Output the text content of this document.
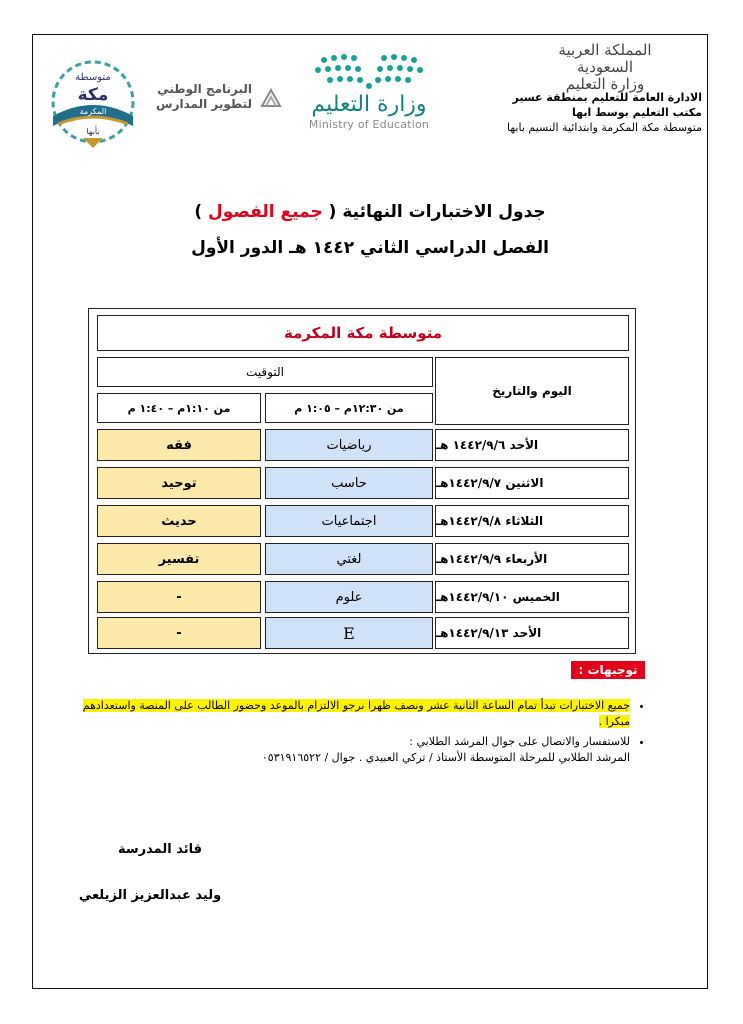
المملكة العربية السعودية
وزارة التعليم
الادارة العامة للتعليم بمنطقة عسير
مكتب التعليم بوسط ابها
متوسطة مكة المكرمة وابتدائية النسيم بابها
وزارة التعليم
Ministry of Education
البرنامج الوطني
لتطوير المدارس
متوسطة
مكة
المكرمة
بأبها
جدول الاختبارات النهائية ( جميع الفصول )
الفصل الدراسي الثاني ١٤٤٢ هـ الدور الأول
متوسطة مكة المكرمة
اليوم والتاريخ
التوقيت
من ١٢:٣٠م – ١:٠٥ م
من ١:١٠م – ١:٤٠ م
الأحد ١٤٤٢/٩/٦ هـ
رياضيات
فقه
الاثنين ١٤٤٢/٩/٧هـ
حاسب
توحيد
الثلاثاء ١٤٤٢/٩/٨هـ
اجتماعيات
حديث
الأربعاء ١٤٤٢/٩/٩هـ
لغتي
تفسير
الخميس ١٤٤٢/٩/١٠هـ
علوم
-
الأحد ١٤٤٢/٩/١٣هـ
E
-
توجيهات :
• جميع الاختبارات تبدأ تمام الساعة الثانية عشر ونصف ظهرا نرجو الالتزام بالموعد وحضور الطالب على المنصة واستعدادهم مبكرا .
• للاستفسار والاتصال على جوال المرشد الطلابي :
المرشد الطلابي للمرحلة المتوسطة الأستاذ / تركي العبيدي . جوال / ٠٥٣١٩١٦٥٢٢
قائد المدرسة
وليد عبدالعزيز الزيلعي
